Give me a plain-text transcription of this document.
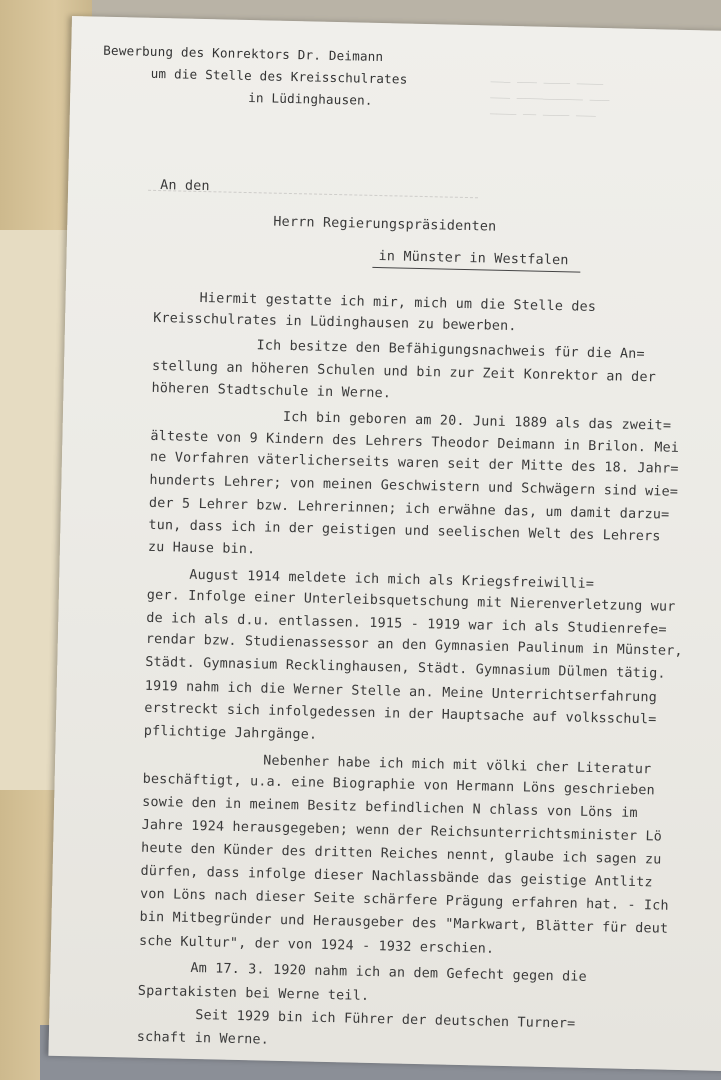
___ ___ ____ ____
___ __________ ___
____ __ ____ ___
Bewerbung des Konrektors Dr. Deimann
um die Stelle des Kreisschulrates
in Lüdinghausen.
An den
Herrn Regierungspräsidenten
in Münster in Westfalen
Hiermit gestatte ich mir, mich um die Stelle des
Kreisschulrates in Lüdinghausen zu bewerben.
Ich besitze den Befähigungsnachweis für die An=
stellung an höheren Schulen und bin zur Zeit Konrektor an der
höheren Stadtschule in Werne.
Ich bin geboren am 20. Juni 1889 als das zweit=
älteste von 9 Kindern des Lehrers Theodor Deimann in Brilon. Mei
ne Vorfahren väterlicherseits waren seit der Mitte des 18. Jahr=
hunderts Lehrer; von meinen Geschwistern und Schwägern sind wie=
der 5 Lehrer bzw. Lehrerinnen; ich erwähne das, um damit darzu=
tun, dass ich in der geistigen und seelischen Welt des Lehrers
zu Hause bin.
August 1914 meldete ich mich als Kriegsfreiwilli=
ger. Infolge einer Unterleibsquetschung mit Nierenverletzung wur
de ich als d.u. entlassen. 1915 - 1919 war ich als Studienrefe=
rendar bzw. Studienassessor an den Gymnasien Paulinum in Münster,
Städt. Gymnasium Recklinghausen, Städt. Gymnasium Dülmen tätig.
1919 nahm ich die Werner Stelle an. Meine Unterrichtserfahrung
erstreckt sich infolgedessen in der Hauptsache auf volksschul=
pflichtige Jahrgänge.
Nebenher habe ich mich mit völki cher Literatur
beschäftigt, u.a. eine Biographie von Hermann Löns geschrieben
sowie den in meinem Besitz befindlichen N chlass von Löns im
Jahre 1924 herausgegeben; wenn der Reichsunterrichtsminister Lö
heute den Künder des dritten Reiches nennt, glaube ich sagen zu
dürfen, dass infolge dieser Nachlassbände das geistige Antlitz
von Löns nach dieser Seite schärfere Prägung erfahren hat. - Ich
bin Mitbegründer und Herausgeber des "Markwart, Blätter für deut
sche Kultur", der von 1924 - 1932 erschien.
Am 17. 3. 1920 nahm ich an dem Gefecht gegen die
Spartakisten bei Werne teil.
Seit 1929 bin ich Führer der deutschen Turner=
schaft in Werne.
